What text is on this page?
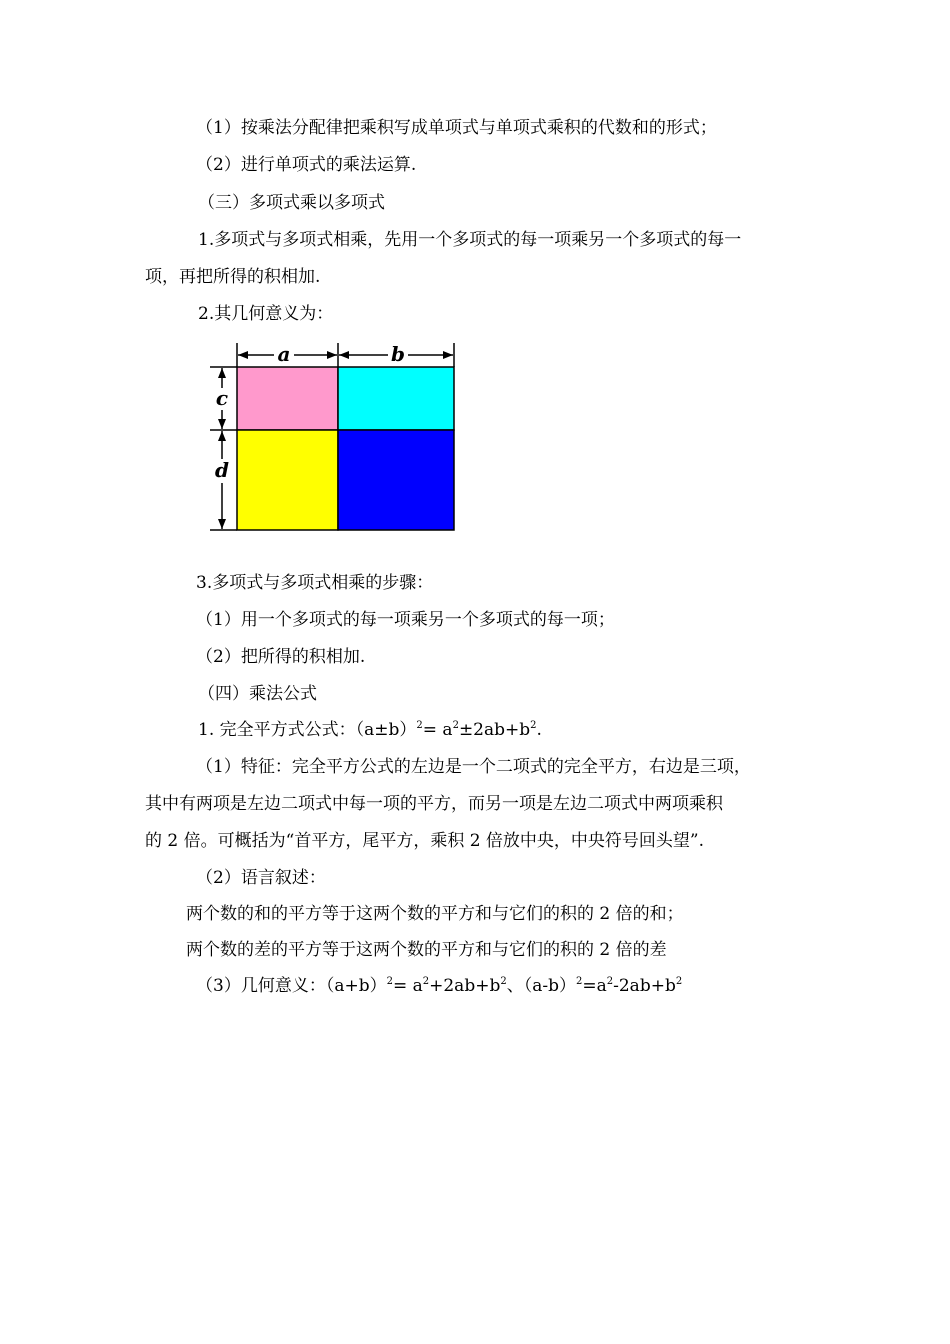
（1）按乘法分配律把乘积写成单项式与单项式乘积的代数和的形式；
（2）进行单项式的乘法运算.
（三）多项式乘以多项式
1.多项式与多项式相乘，先用一个多项式的每一项乘另一个多项式的每一
项，再把所得的积相加.
2.其几何意义为：
a	b
c
d
3.多项式与多项式相乘的步骤：
（1）用一个多项式的每一项乘另一个多项式的每一项；
（2）把所得的积相加.
（四）乘法公式
1. 完全平方式公式：$(a\pm b)^2= a^2\pm 2ab+b^2$.
（1）特征：完全平方公式的左边是一个二项式的完全平方，右边是三项，
其中有两项是左边二项式中每一项的平方，而另一项是左边二项式中两项乘积
的 2 倍。可概括为“首平方，尾平方，乘积 2 倍放中央，中央符号回头望”.
（2）语言叙述：
两个数的和的平方等于这两个数的平方和与它们的积的 2 倍的和；
两个数的差的平方等于这两个数的平方和与它们的积的 2 倍的差
（3）几何意义：$(a+b)^2= a^2+2ab+b^2$、$(a-b)^2=a^2-2ab+b^2$
